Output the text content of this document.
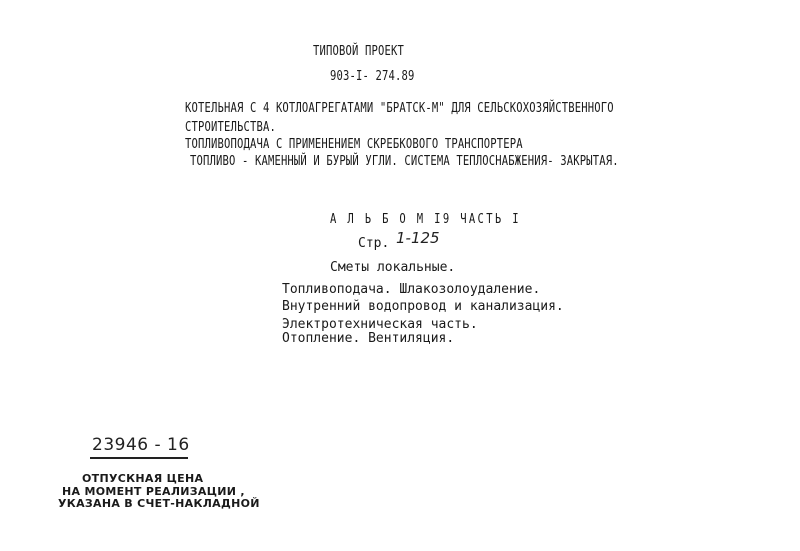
ТИПОВОЙ ПРОЕКТ
903-I- 274.89
КОТЕЛЬНАЯ С 4 КОТЛОАГРЕГАТАМИ "БРАТСК-М" ДЛЯ СЕЛЬСКОХОЗЯЙСТВЕННОГО
СТРОИТЕЛЬСТВА.
ТОПЛИВОПОДАЧА С ПРИМЕНЕНИЕМ СКРЕБКОВОГО ТРАНСПОРТЕРА
ТОПЛИВО - КАМЕННЫЙ И БУРЫЙ УГЛИ. СИСТЕМА ТЕПЛОСНАБЖЕНИЯ- ЗАКРЫТАЯ.
А Л Ь Б О М I9 ЧАСТЬ I
Стр. 1-125
Сметы локальные.
Топливоподача. Шлакозолоудаление.
Внутренний водопровод и канализация.
Электротехническая часть.
Отопление. Вентиляция.
23946 - 16
ОТПУСКНАЯ ЦЕНА
НА МОМЕНТ РЕАЛИЗАЦИИ ,
УКАЗАНА В СЧЕТ-НАКЛАДНОЙ
